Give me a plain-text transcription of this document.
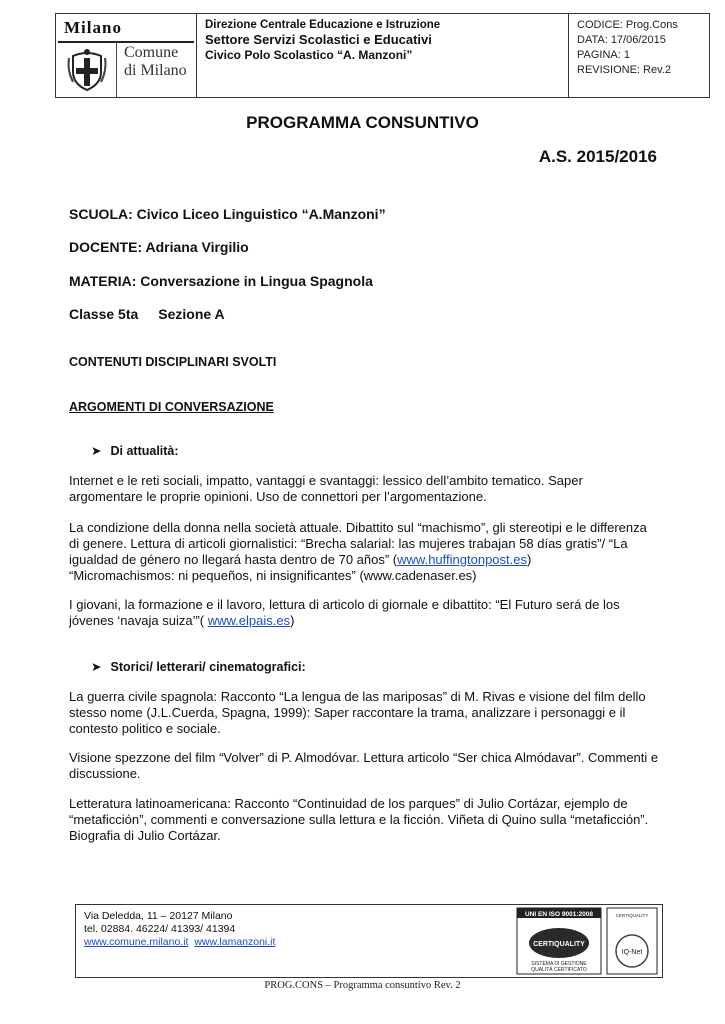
Milano
Comune
di Milano
Direzione Centrale Educazione e Istruzione
Settore Servizi Scolastici e Educativi
Civico Polo Scolastico “A. Manzoni”
CODICE: Prog.Cons
DATA: 17/06/2015
PAGINA: 1
REVISIONE: Rev.2
PROGRAMMA CONSUNTIVO
A.S. 2015/2016
SCUOLA: Civico Liceo Linguistico “A.Manzoni”
DOCENTE: Adriana Virgilio
MATERIA: Conversazione in Lingua Spagnola
Classe 5ta Sezione A
CONTENUTI DISCIPLINARI SVOLTI
ARGOMENTI DI CONVERSAZIONE
➤ Di attualità:
Internet e le reti sociali, impatto, vantaggi e svantaggi: lessico dell’ambito tematico. Saper argomentare le proprie opinioni. Uso de connettori per l’argomentazione.
La condizione della donna nella società attuale. Dibattito sul “machismo”, gli stereotipi e le differenza di genere. Lettura di articoli giornalistici: “Brecha salarial: las mujeres trabajan 58 días gratis”/ “La igualdad de género no llegará hasta dentro de 70 años” (www.huffingtonpost.es)
“Micromachismos: ni pequeños, ni insignificantes” (www.cadenaser.es)
I giovani, la formazione e il lavoro, lettura di articolo di giornale e dibattito: “El Futuro será de los jóvenes ‘navaja suiza’”( www.elpais.es)
➤ Storici/ letterari/ cinematografici:
La guerra civile spagnola: Racconto “La lengua de las mariposas” di M. Rivas e visione del film dello stesso nome (J.L.Cuerda, Spagna, 1999): Saper raccontare la trama, analizzare i personaggi e il contesto politico e sociale.
Visione spezzone del film “Volver” di P. Almodóvar. Lettura articolo “Ser chica Almódavar”. Commenti e discussione.
Letteratura latinoamericana: Racconto “Continuidad de los parques” di Julio Cortázar, ejemplo de “metaficción”, commenti e conversazione sulla lettura e la ficción. Viñeta di Quino sulla “metaficción”. Biografia di Julio Cortázar.
Via Deledda, 11 – 20127 Milano
tel. 02884. 46224/ 41393/ 41394
www.comune.milano.it www.lamanzoni.it
UNI EN ISO 9001:2008
CERTIQUALITY
SISTEMA DI GESTIONE
QUALITÀ CERTIFICATO
CERTIQUALITY
IQ-Net
PROG.CONS – Programma consuntivo Rev. 2
